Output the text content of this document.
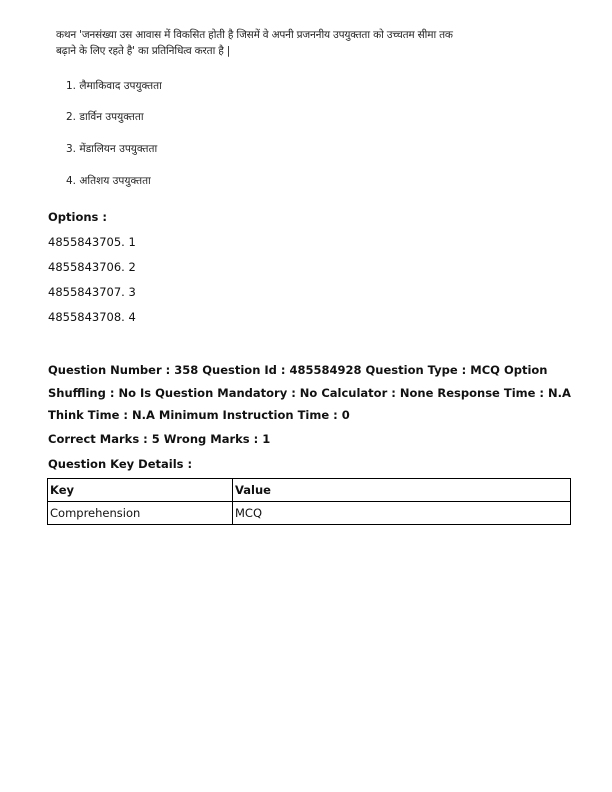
कथन 'जनसंख्या उस आवास में विकसित होती है जिसमें वे अपनी प्रजननीय उपयुक्तता को उच्चतम सीमा तक बढ़ाने के लिए रहते है' का प्रतिनिधित्व करता है |
1. लैमाकिवाद उपयुक्तता
2. डार्विन उपयुक्तता
3. मेंडालियन उपयुक्तता
4. अतिशय उपयुक्तता
Options :
4855843705. 1
4855843706. 2
4855843707. 3
4855843708. 4
Question Number : 358 Question Id : 485584928 Question Type : MCQ Option Shuffling : No Is Question Mandatory : No Calculator : None Response Time : N.A Think Time : N.A Minimum Instruction Time : 0
Correct Marks : 5 Wrong Marks : 1
Question Key Details :
Key	Value
Comprehension	MCQ
